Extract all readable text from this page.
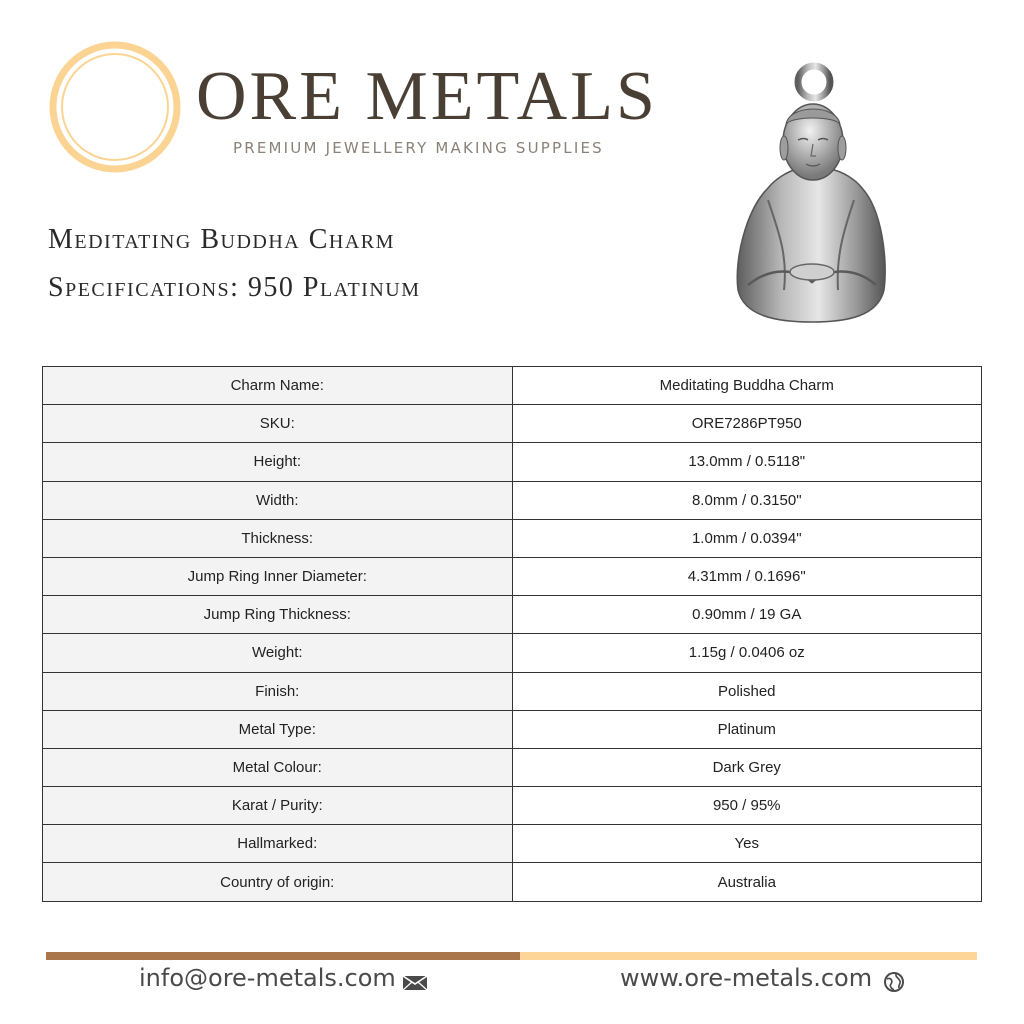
ORE METALS
PREMIUM JEWELLERY MAKING SUPPLIES
Meditating Buddha Charm
Specifications: 950 Platinum
Charm Name:	Meditating Buddha Charm
SKU:	ORE7286PT950
Height:	13.0mm / 0.5118"
Width:	8.0mm / 0.3150"
Thickness:	1.0mm / 0.0394"
Jump Ring Inner Diameter:	4.31mm / 0.1696"
Jump Ring Thickness:	0.90mm / 19 GA
Weight:	1.15g / 0.0406 oz
Finish:	Polished
Metal Type:	Platinum
Metal Colour:	Dark Grey
Karat / Purity:	950 / 95%
Hallmarked:	Yes
Country of origin:	Australia
info@ore-metals.com	www.ore-metals.com
